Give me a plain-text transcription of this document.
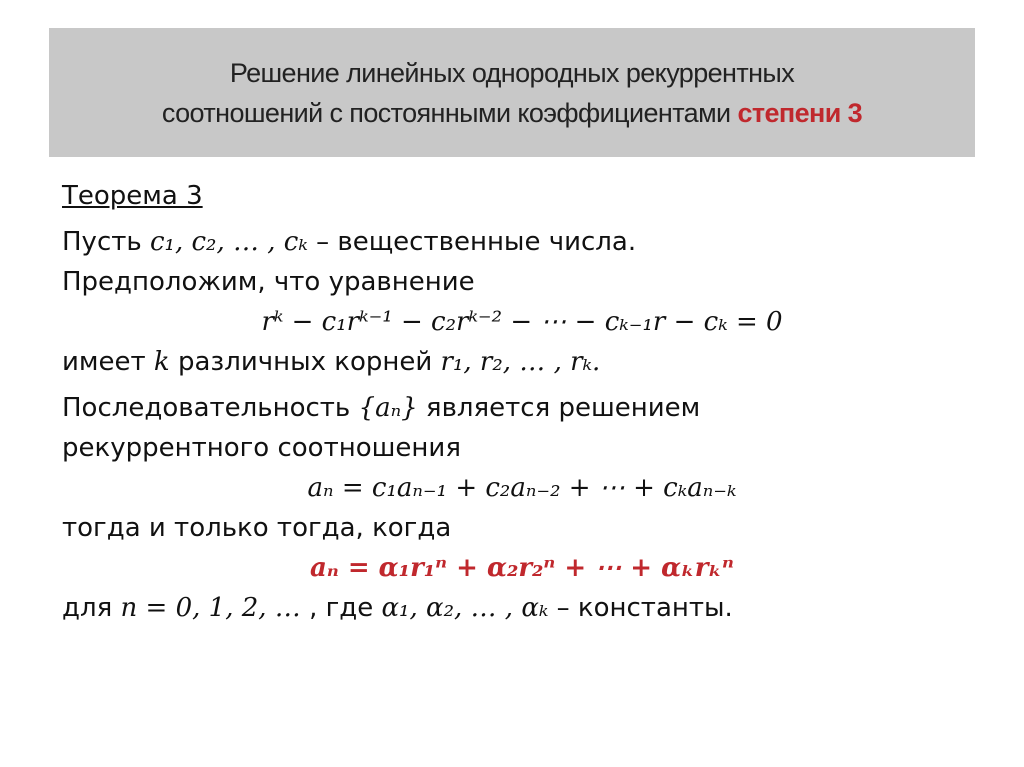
Решение линейных однородных рекуррентных
соотношений с постоянными коэффициентами степени 3
Теорема 3
Пусть c₁, c₂, … , cₖ – вещественные числа.
Предположим, что уравнение
rᵏ − c₁rᵏ⁻¹ − c₂rᵏ⁻² − ⋯ − cₖ₋₁r − cₖ = 0
имеет k различных корней r₁, r₂, … , rₖ.
Последовательность {aₙ} является решением
рекуррентного соотношения
aₙ = c₁aₙ₋₁ + c₂aₙ₋₂ + ⋯ + cₖaₙ₋ₖ
тогда и только тогда, когда
aₙ = α₁r₁ⁿ + α₂r₂ⁿ + ⋯ + αₖrₖⁿ
для n = 0, 1, 2, … , где α₁, α₂, … , αₖ – константы.
